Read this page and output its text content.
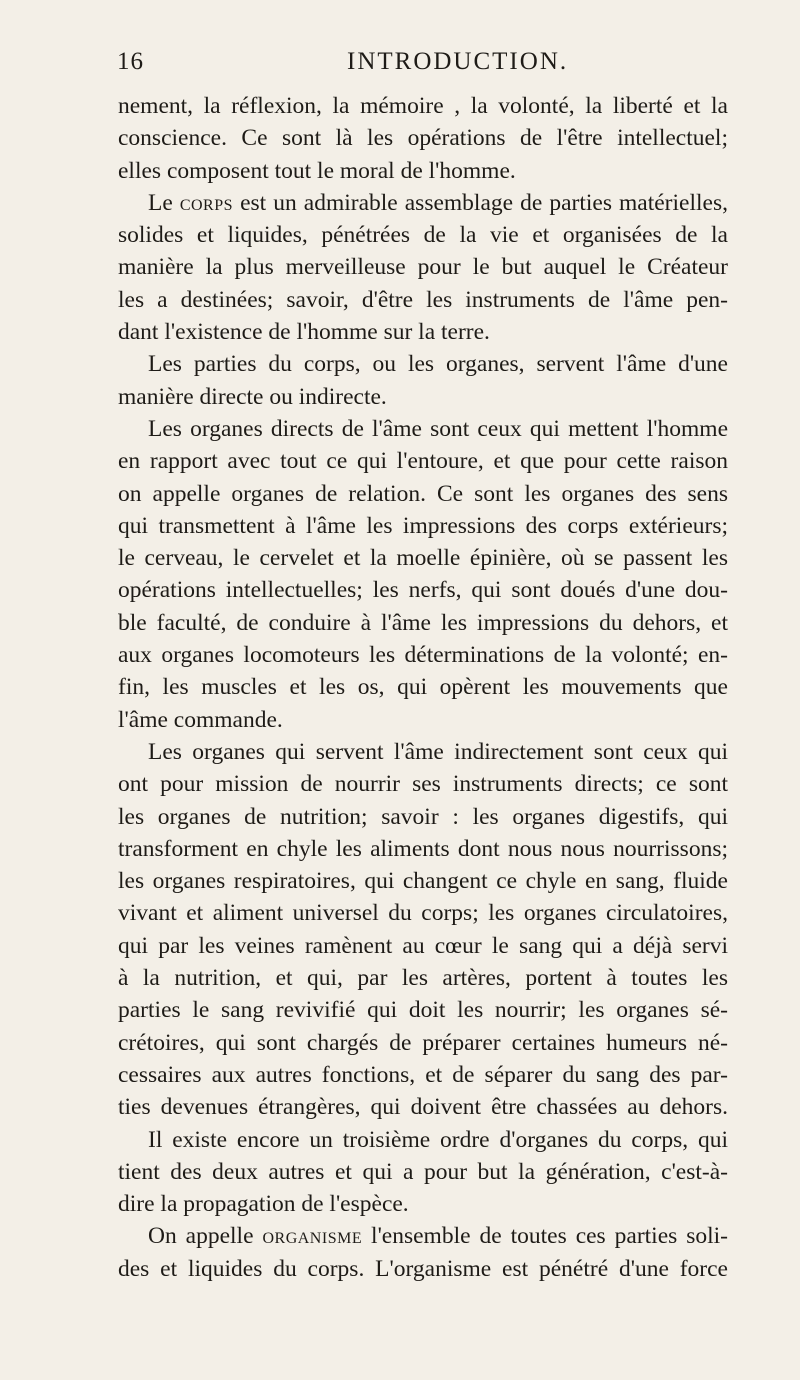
16	INTRODUCTION.
nement, la réflexion, la mémoire , la volonté, la liberté et la
conscience. Ce sont là les opérations de l'être intellectuel;
elles composent tout le moral de l'homme.
Le corps est un admirable assemblage de parties matérielles,
solides et liquides, pénétrées de la vie et organisées de la
manière la plus merveilleuse pour le but auquel le Créateur
les a destinées; savoir, d'être les instruments de l'âme pen-
dant l'existence de l'homme sur la terre.
Les parties du corps, ou les organes, servent l'âme d'une
manière directe ou indirecte.
Les organes directs de l'âme sont ceux qui mettent l'homme
en rapport avec tout ce qui l'entoure, et que pour cette raison
on appelle organes de relation. Ce sont les organes des sens
qui transmettent à l'âme les impressions des corps extérieurs;
le cerveau, le cervelet et la moelle épinière, où se passent les
opérations intellectuelles; les nerfs, qui sont doués d'une dou-
ble faculté, de conduire à l'âme les impressions du dehors, et
aux organes locomoteurs les déterminations de la volonté; en-
fin, les muscles et les os, qui opèrent les mouvements que
l'âme commande.
Les organes qui servent l'âme indirectement sont ceux qui
ont pour mission de nourrir ses instruments directs; ce sont
les organes de nutrition; savoir : les organes digestifs, qui
transforment en chyle les aliments dont nous nous nourrissons;
les organes respiratoires, qui changent ce chyle en sang, fluide
vivant et aliment universel du corps; les organes circulatoires,
qui par les veines ramènent au cœur le sang qui a déjà servi
à la nutrition, et qui, par les artères, portent à toutes les
parties le sang revivifié qui doit les nourrir; les organes sé-
crétoires, qui sont chargés de préparer certaines humeurs né-
cessaires aux autres fonctions, et de séparer du sang des par-
ties devenues étrangères, qui doivent être chassées au dehors.
Il existe encore un troisième ordre d'organes du corps, qui
tient des deux autres et qui a pour but la génération, c'est-à-
dire la propagation de l'espèce.
On appelle organisme l'ensemble de toutes ces parties soli-
des et liquides du corps. L'organisme est pénétré d'une force
